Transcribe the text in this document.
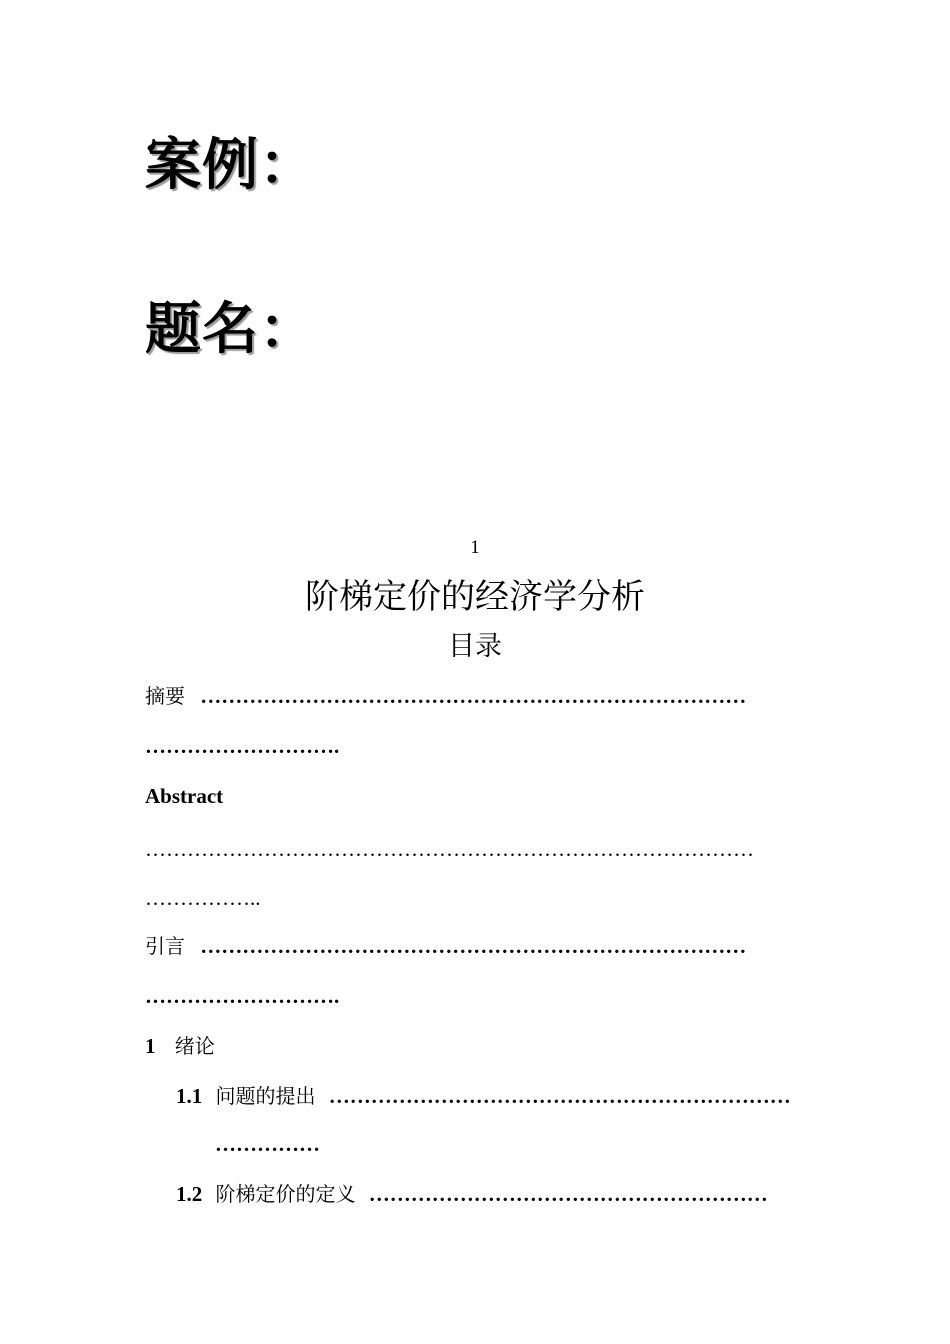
案例：
题名：
1
阶梯定价的经济学分析
目录
摘要 ……………………………………………………………………
……………………….
Abstract
……………………………………………………………………………
……………..
引言 ……………………………………………………………………
……………………….
1 绪论
1.1 问题的提出 …………………………………………………………
……………
1.2 阶梯定价的定义 …………………………………………………
